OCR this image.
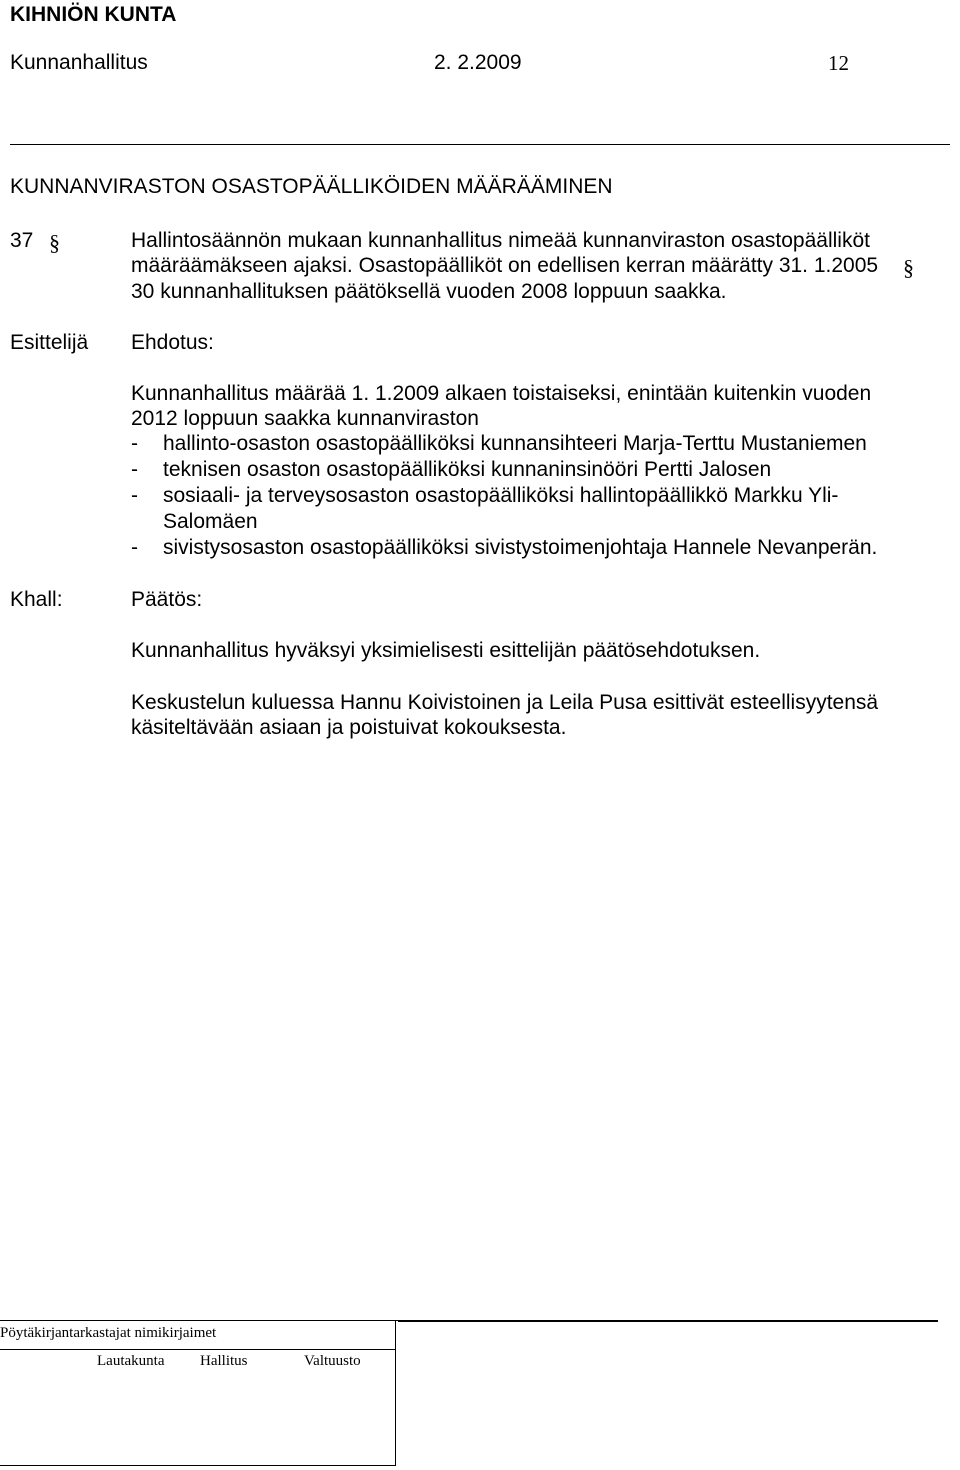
KIHNIÖN KUNTA
Kunnanhallitus	2. 2.2009	12
KUNNANVIRASTON OSASTOPÄÄLLIKÖIDEN MÄÄRÄÄMINEN
37 §	Hallintosäännön mukaan kunnanhallitus nimeää kunnanviraston osastopäälliköt
määräämäkseen ajaksi. Osastopäälliköt on edellisen kerran määrätty 31. 1.2005 §
30 kunnanhallituksen päätöksellä vuoden 2008 loppuun saakka.
Esittelijä Ehdotus:
Kunnanhallitus määrää 1. 1.2009 alkaen toistaiseksi, enintään kuitenkin vuoden
2012 loppuun saakka kunnanviraston
- hallinto-osaston osastopäälliköksi kunnansihteeri Marja-Terttu Mustaniemen
- teknisen osaston osastopäälliköksi kunnaninsinööri Pertti Jalosen
- sosiaali- ja terveysosaston osastopäälliköksi hallintopäällikkö Markku Yli-
Salomäen
- sivistysosaston osastopäälliköksi sivistystoimenjohtaja Hannele Nevanperän.
Khall:	Päätös:
Kunnanhallitus hyväksyi yksimielisesti esittelijän päätösehdotuksen.
Keskustelun kuluessa Hannu Koivistoinen ja Leila Pusa esittivät esteellisyytensä
käsiteltävään asiaan ja poistuivat kokouksesta.
Pöytäkirjantarkastajat nimikirjaimet
Lautakunta Hallitus	Valtuusto
